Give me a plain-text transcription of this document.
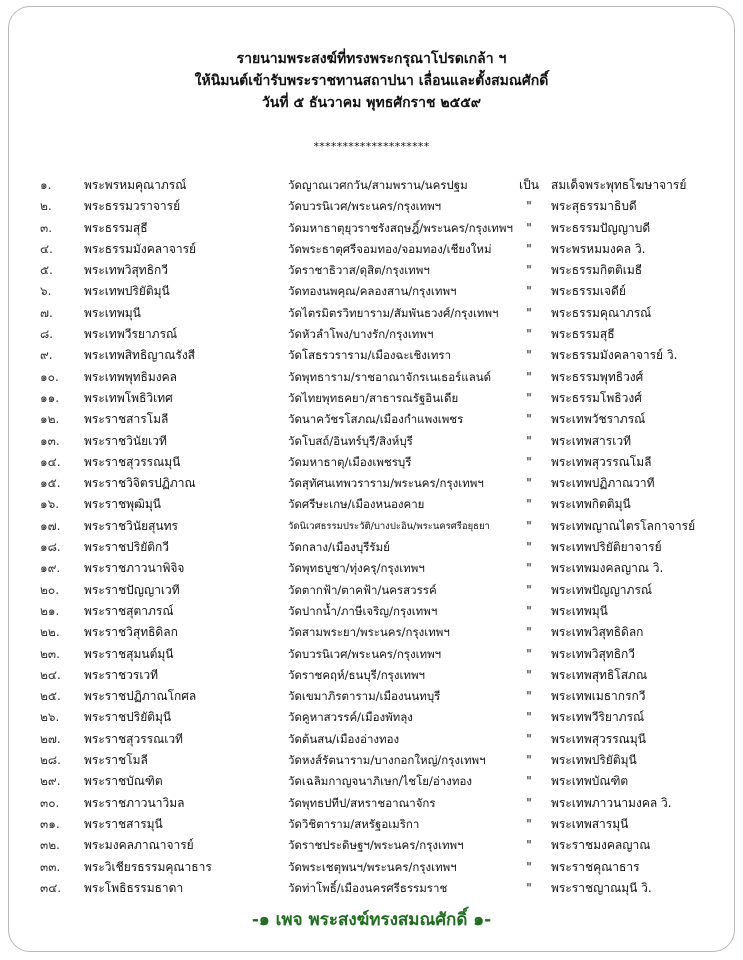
รายนามพระสงฆ์ที่ทรงพระกรุณาโปรดเกล้า ฯ
ให้นิมนต์เข้ารับพระราชทานสถาปนา เลื่อนและตั้งสมณศักดิ์
วันที่ ๕ ธันวาคม พุทธศักราช ๒๕๕๙
********************
๑.	พระพรหมคุณาภรณ์	วัดญาณเวศกวัน/สามพราน/นครปฐม	เป็น สมเด็จพระพุทธโฆษาจารย์
๒.	พระธรรมวราจารย์	วัดบวรนิเวศ/พระนคร/กรุงเทพฯ	"	พระสุธรรมาธิบดี
๓.	พระธรรมสุธี	วัดมหาธาตุยุวราชรังสฤษฎิ์/พระนคร/กรุงเทพฯ	"	พระธรรมปัญญาบดี
๔.	พระธรรมมังคลาจารย์	วัดพระธาตุศรีจอมทอง/จอมทอง/เชียงใหม่	"	พระพรหมมงคล วิ.
๕.	พระเทพวิสุทธิกวี	วัดราชาธิวาส/ดุสิต/กรุงเทพฯ	"	พระธรรมกิตติเมธี
๖.	พระเทพปริยัติมุนี	วัดทองนพคุณ/คลองสาน/กรุงเทพฯ	"	พระธรรมเจดีย์
๗.	พระเทพมุนี	วัดไตรมิตรวิทยาราม/สัมพันธวงศ์/กรุงเทพฯ	"	พระธรรมคุณาภรณ์
๘.	พระเทพวีรยาภรณ์	วัดหัวลำโพง/บางรัก/กรุงเทพฯ	"	พระธรรมสุธี
๙.	พระเทพสิทธิญาณรังสี	วัดโสธรวราราม/เมืองฉะเชิงเทรา	"	พระธรรมมังคลาจารย์ วิ.
๑๐.	พระเทพพุทธิมงคล	วัดพุทธาราม/ราชอาณาจักรเนเธอร์แลนด์	"	พระธรรมพุทธิวงศ์
๑๑.	พระเทพโพธิวิเทศ	วัดไทยพุทธคยา/สาธารณรัฐอินเดีย	"	พระธรรมโพธิวงศ์
๑๒.	พระราชสารโมลี	วัดนาควัชรโสภณ/เมืองกำแพงเพชร	"	พระเทพวัชราภรณ์
๑๓.	พระราชวินัยเวที	วัดโบสถ์/อินทร์บุรี/สิงห์บุรี	"	พระเทพสารเวที
๑๔.	พระราชสุวรรณมุนี	วัดมหาธาตุ/เมืองเพชรบุรี	"	พระเทพสุวรรณโมลี
๑๕.	พระราชวิจิตรปฏิภาณ	วัดสุทัศนเทพวราราม/พระนคร/กรุงเทพฯ	"	พระเทพปฏิภาณวาที
๑๖.	พระราชพุฒิมุนี	วัดศรีษะเกษ/เมืองหนองคาย	"	พระเทพกิตติมุนี
๑๗.	พระราชวินัยสุนทร	วัดนิเวศธรรมประวัติ/บางปะอิน/พระนครศรีอยุธยา	"	พระเทพญาณไตรโลกาจารย์
๑๘.	พระราชปริยัติกวี	วัดกลาง/เมืองบุรีรัมย์	"	พระเทพปริยัติยาจารย์
๑๙.	พระราชภาวนาพิจิจ	วัดพุทธบูชา/ทุ่งครุ/กรุงเทพฯ	"	พระเทพมงคลญาณ วิ.
๒๐.	พระราชปัญญาเวที	วัดตากฟ้า/ตาคฟ้า/นครสวรรค์	"	พระเทพปัญญาภรณ์
๒๑.	พระราชสุตาภรณ์	วัดปากน้ำ/ภาษีเจริญ/กรุงเทพฯ	"	พระเทพมุนี
๒๒.	พระราชวิสุทธิดิลก	วัดสามพระยา/พระนคร/กรุงเทพฯ	"	พระเทพวิสุทธิดิลก
๒๓.	พระราชสุมนต์มุนี	วัดบวรนิเวศ/พระนคร/กรุงเทพฯ	"	พระเทพวิสุทธิกวี
๒๔.	พระราชวรเวที	วัดราชคฤห์/ธนบุรี/กรุงเทพฯ	"	พระเทพสุทธิโสภณ
๒๕.	พระราชปฏิภาณโกศล	วัดเขมาภิรตาราม/เมืองนนทบุรี	"	พระเทพเมธากรกวี
๒๖.	พระราชปริยัติมุนี	วัดคูหาสวรรค์/เมืองพัทลุง	"	พระเทพวีริยาภรณ์
๒๗.	พระราชสุวรรณเวที	วัดต้นสน/เมืองอ่างทอง	"	พระเทพสุวรรณมุนี
๒๘.	พระราชโมลี	วัดหงส์รัตนาราม/บางกอกใหญ่/กรุงเทพฯ	"	พระเทพปริยัติมุนี
๒๙.	พระราชบัณฑิต	วัดเฉลิมกาญจนาภิเษก/ไชโย/อ่างทอง	"	พระเทพบัณฑิต
๓๐.	พระราชภาวนาวิมล	วัดพุทธปทีป/สหราชอาณาจักร	"	พระเทพภาวนามงคล วิ.
๓๑.	พระราชสารมุนี	วัดวิชิตาราม/สหรัฐอเมริกา	"	พระเทพสารมุนี
๓๒.	พระมงคลภาณาจารย์	วัดราชประดิษฐฯ/พระนคร/กรุงเทพฯ	"	พระราชมงคลญาณ
๓๓.	พระวิเชียรธรรมคุณาธาร	วัดพระเชตุพนฯ/พระนคร/กรุงเทพฯ	"	พระราชคุณาธาร
๓๔.	พระโพธิธรรมธาดา	วัดท่าโพธิ์/เมืองนครศรีธรรมราช	"	พระราชญาณมุนี วิ.
-๑ เพจ พระสงฆ์ทรงสมณศักดิ์ ๑-
